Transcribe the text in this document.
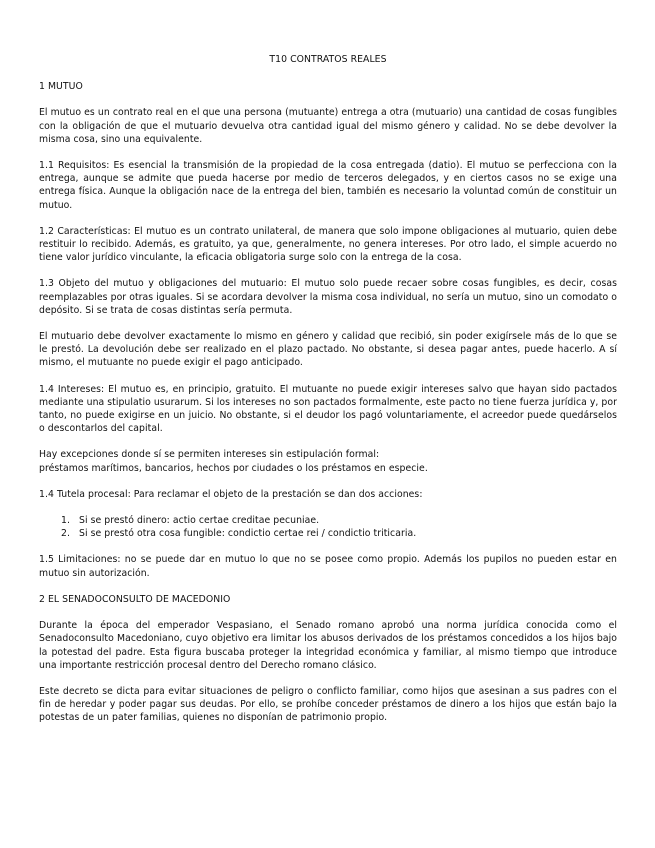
T10 CONTRATOS REALES
1 MUTUO

El mutuo es un contrato real en el que una persona (mutuante) entrega a otra (mutuario) una cantidad de cosas fungibles con la obligación de que el mutuario devuelva otra cantidad igual del mismo género y calidad. No se debe devolver la misma cosa, sino una equivalente.

1.1 Requisitos: Es esencial la transmisión de la propiedad de la cosa entregada (datio). El mutuo se perfecciona con la entrega, aunque se admite que pueda hacerse por medio de terceros delegados, y en ciertos casos no se exige una entrega física. Aunque la obligación nace de la entrega del bien, también es necesario la voluntad común de constituir un mutuo.

1.2 Características: El mutuo es un contrato unilateral, de manera que solo impone obligaciones al mutuario, quien debe restituir lo recibido. Además, es gratuito, ya que, generalmente, no genera intereses. Por otro lado, el simple acuerdo no tiene valor jurídico vinculante, la eficacia obligatoria surge solo con la entrega de la cosa.

1.3 Objeto del mutuo y obligaciones del mutuario: El mutuo solo puede recaer sobre cosas fungibles, es decir, cosas reemplazables por otras iguales. Si se acordara devolver la misma cosa individual, no sería un mutuo, sino un comodato o depósito. Si se trata de cosas distintas sería permuta.

El mutuario debe devolver exactamente lo mismo en género y calidad que recibió, sin poder exigírsele más de lo que se le prestó. La devolución debe ser realizado en el plazo pactado. No obstante, si desea pagar antes, puede hacerlo. A sí mismo, el mutuante no puede exigir el pago anticipado.

1.4 Intereses: El mutuo es, en principio, gratuito. El mutuante no puede exigir intereses salvo que hayan sido pactados mediante una stipulatio usurarum. Si los intereses no son pactados formalmente, este pacto no tiene fuerza jurídica y, por tanto, no puede exigirse en un juicio. No obstante, si el deudor los pagó voluntariamente, el acreedor puede quedárselos o descontarlos del capital.

Hay excepciones donde sí se permiten intereses sin estipulación formal:
préstamos marítimos, bancarios, hechos por ciudades o los préstamos en especie.

1.4 Tutela procesal: Para reclamar el objeto de la prestación se dan dos acciones:

1. Si se prestó dinero: actio certae creditae pecuniae.
2. Si se prestó otra cosa fungible: condictio certae rei / condictio triticaria.

1.5 Limitaciones: no se puede dar en mutuo lo que no se posee como propio. Además los pupilos no pueden estar en mutuo sin autorización.

2 EL SENADOCONSULTO DE MACEDONIO

Durante la época del emperador Vespasiano, el Senado romano aprobó una norma jurídica conocida como el Senadoconsulto Macedoniano, cuyo objetivo era limitar los abusos derivados de los préstamos concedidos a los hijos bajo la potestad del padre. Esta figura buscaba proteger la integridad económica y familiar, al mismo tiempo que introduce una importante restricción procesal dentro del Derecho romano clásico.

Este decreto se dicta para evitar situaciones de peligro o conflicto familiar, como hijos que asesinan a sus padres con el fin de heredar y poder pagar sus deudas. Por ello, se prohíbe conceder préstamos de dinero a los hijos que están bajo la potestas de un pater familias, quienes no disponían de patrimonio propio.
